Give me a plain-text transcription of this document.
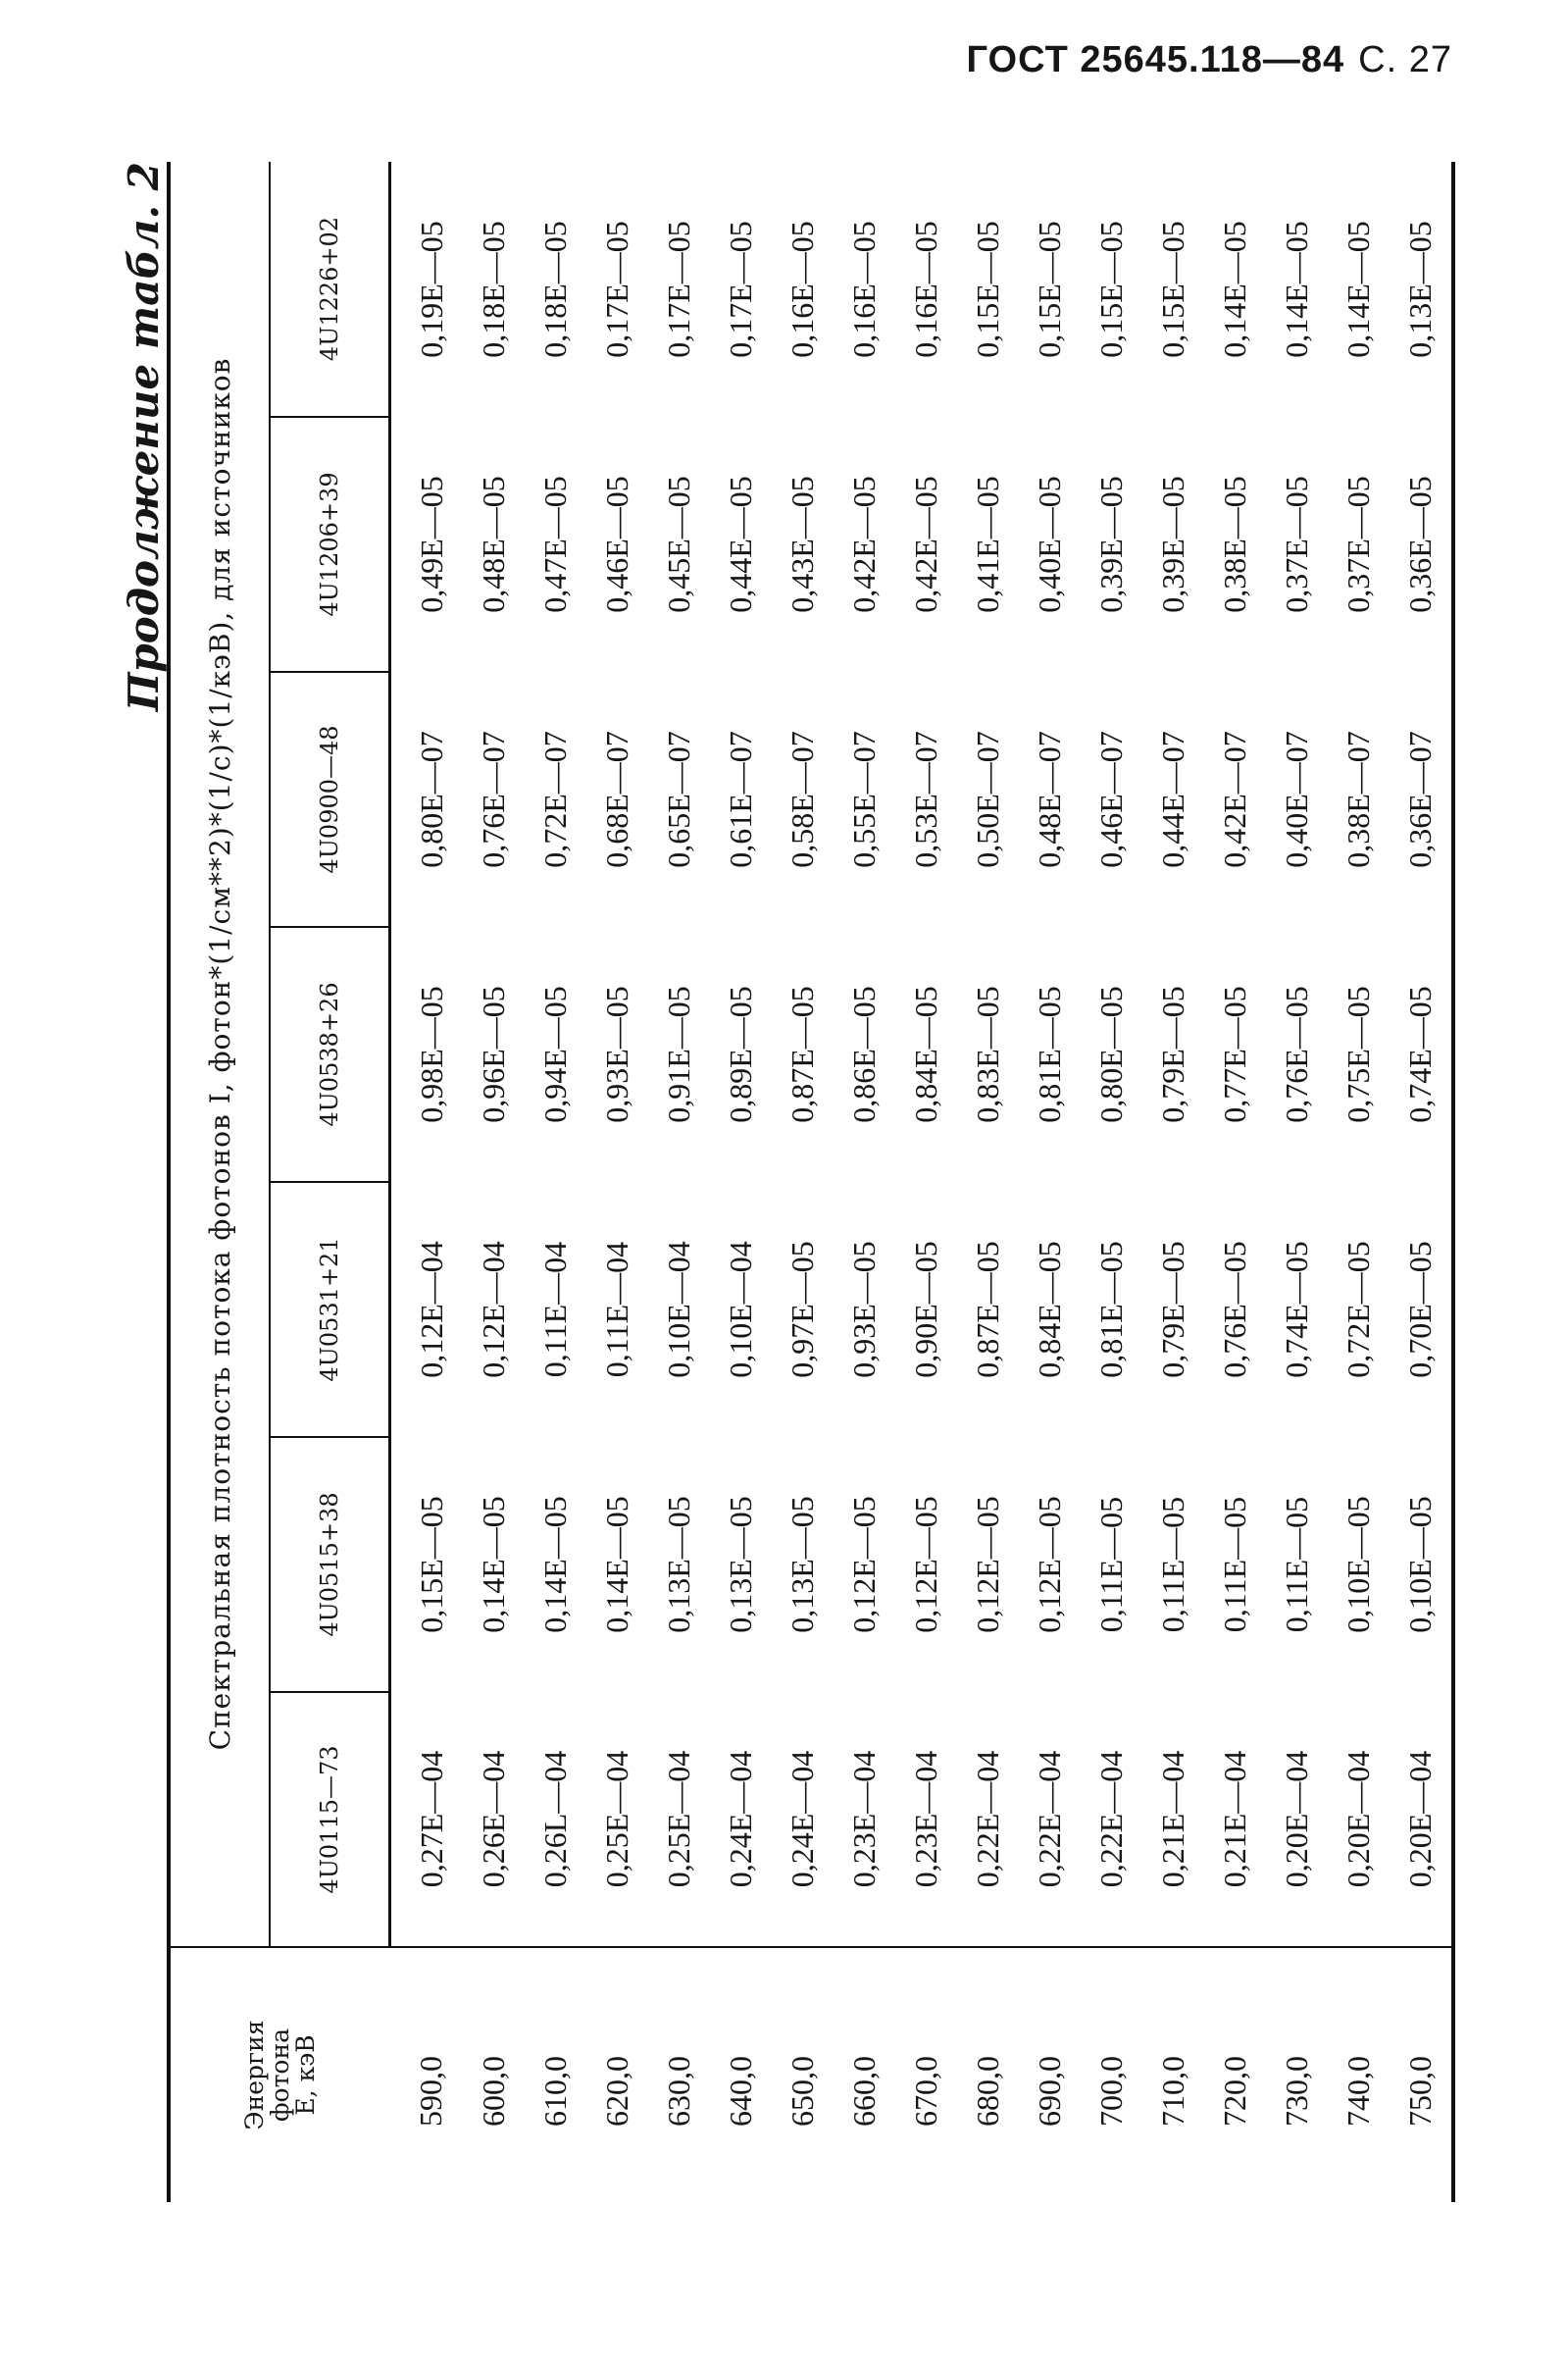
ГОСТ 25645.118—84 С. 27
Продолжение табл. 2
Энергия
фотона
E, кэВ	Спектральная плотность потока фотонов I, фотон*(1/см**2)*(1/с)*(1/кэВ), для источников						
	4U0115—73	4U0515+38	4U0531+21	4U0538+26	4U0900—48	4U1206+39	4U1226+02
590,0	0,27E—04	0,15E—05	0,12E—04	0,98E—05	0,80E—07	0,49E—05	0,19E—05
600,0	0,26E—04	0,14E—05	0,12E—04	0,96E—05	0,76E—07	0,48E—05	0,18E—05
610,0	0,26L—04	0,14E—05	0,11E—04	0,94E—05	0,72E—07	0,47E—05	0,18E—05
620,0	0,25E—04	0,14E—05	0,11E—04	0,93E—05	0,68E—07	0,46E—05	0,17E—05
630,0	0,25E—04	0,13E—05	0,10E—04	0,91E—05	0,65E—07	0,45E—05	0,17E—05
640,0	0,24E—04	0,13E—05	0,10E—04	0,89E—05	0,61E—07	0,44E—05	0,17E—05
650,0	0,24E—04	0,13E—05	0,97E—05	0,87E—05	0,58E—07	0,43E—05	0,16E—05
660,0	0,23E—04	0,12E—05	0,93E—05	0,86E—05	0,55E—07	0,42E—05	0,16E—05
670,0	0,23E—04	0,12E—05	0,90E—05	0,84E—05	0,53E—07	0,42E—05	0,16E—05
680,0	0,22E—04	0,12E—05	0,87E—05	0,83E—05	0,50E—07	0,41E—05	0,15E—05
690,0	0,22E—04	0,12E—05	0,84E—05	0,81E—05	0,48E—07	0,40E—05	0,15E—05
700,0	0,22E—04	0,11E—05	0,81E—05	0,80E—05	0,46E—07	0,39E—05	0,15E—05
710,0	0,21E—04	0,11E—05	0,79E—05	0,79E—05	0,44E—07	0,39E—05	0,15E—05
720,0	0,21E—04	0,11E—05	0,76E—05	0,77E—05	0,42E—07	0,38E—05	0,14E—05
730,0	0,20E—04	0,11E—05	0,74E—05	0,76E—05	0,40E—07	0,37E—05	0,14E—05
740,0	0,20E—04	0,10E—05	0,72E—05	0,75E—05	0,38E—07	0,37E—05	0,14E—05
750,0	0,20E—04	0,10E—05	0,70E—05	0,74E—05	0,36E—07	0,36E—05	0,13E—05
